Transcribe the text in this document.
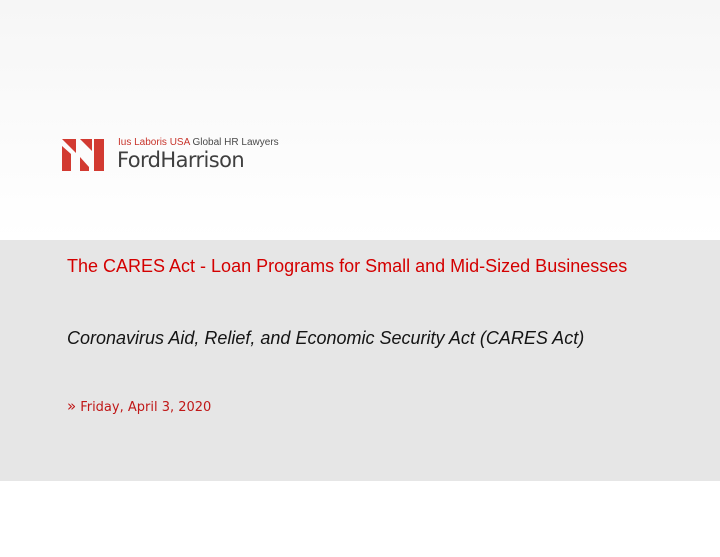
Ius Laboris USA Global HR Lawyers
FordHarrison
The CARES Act - Loan Programs for Small and Mid-Sized Businesses

Coronavirus Aid, Relief, and Economic Security Act (CARES Act)

» Friday, April 3, 2020
